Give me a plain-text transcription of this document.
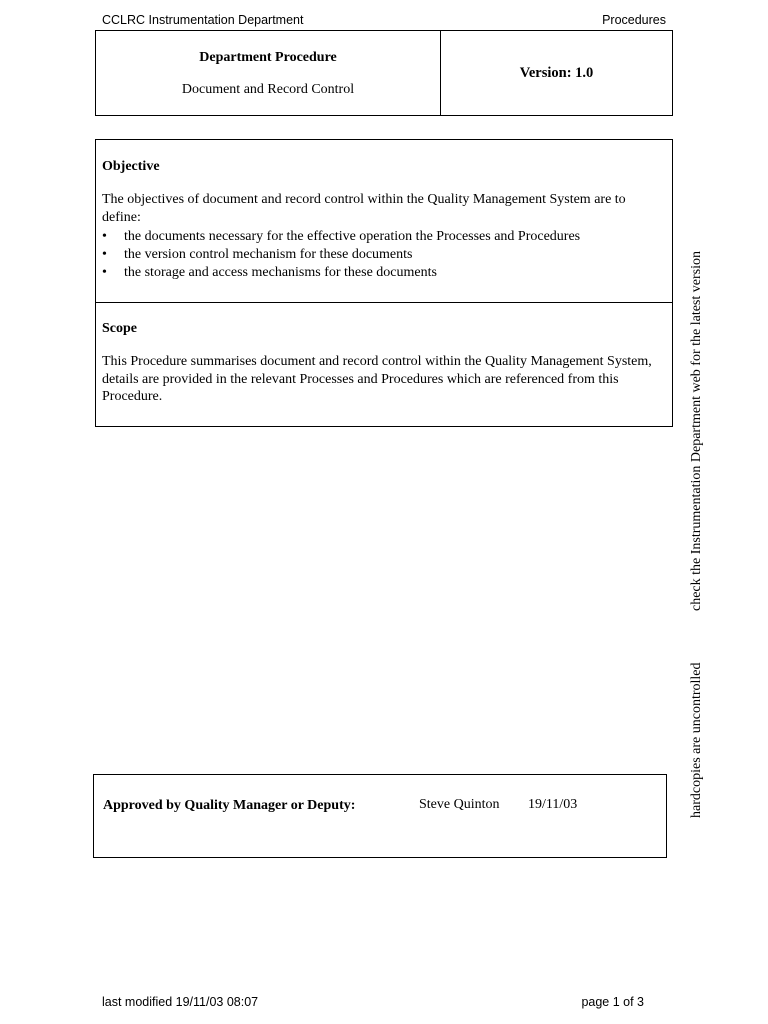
CCLRC Instrumentation Department	Procedures
Department Procedure
Document and Record Control
Version: 1.0
Objective
The objectives of document and record control within the Quality Management System are to define:
• the documents necessary for the effective operation the Processes and Procedures
• the version control mechanism for these documents
• the storage and access mechanisms for these documents
Scope
This Procedure summarises document and record control within the Quality Management System, details are provided in the relevant Processes and Procedures which are referenced from this Procedure.
Approved by Quality Manager or Deputy:	Steve Quinton 19/11/03
check the Instrumentation Department web for the latest version
hardcopies are uncontrolled
last modified 19/11/03 08:07	page 1 of 3
